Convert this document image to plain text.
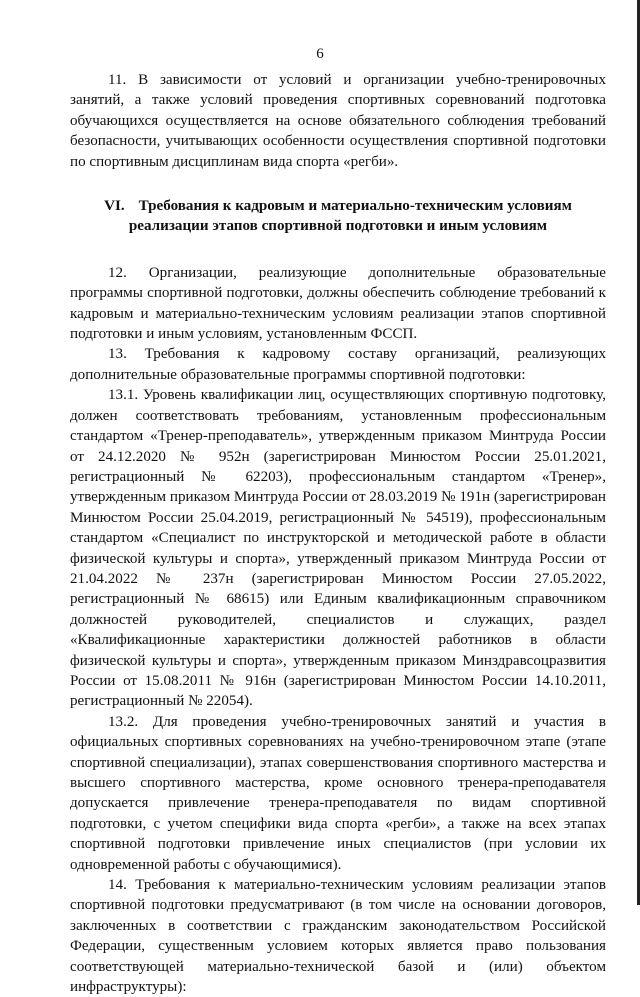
6

11. В зависимости от условий и организации учебно-тренировочных занятий, а также условий проведения спортивных соревнований подготовка обучающихся осуществляется на основе обязательного соблюдения требований безопасности, учитывающих особенности осуществления спортивной подготовки по спортивным дисциплинам вида спорта «регби».

VI. Требования к кадровым и материально-техническим условиям реализации этапов спортивной подготовки и иным условиям

12. Организации, реализующие дополнительные образовательные программы спортивной подготовки, должны обеспечить соблюдение требований к кадровым и материально-техническим условиям реализации этапов спортивной подготовки и иным условиям, установленным ФССП.

13. Требования к кадровому составу организаций, реализующих дополнительные образовательные программы спортивной подготовки:

13.1. Уровень квалификации лиц, осуществляющих спортивную подготовку, должен соответствовать требованиям, установленным профессиональным стандартом «Тренер-преподаватель», утвержденным приказом Минтруда России от 24.12.2020 № 952н (зарегистрирован Минюстом России 25.01.2021, регистрационный № 62203), профессиональным стандартом «Тренер», утвержденным приказом Минтруда России от 28.03.2019 № 191н (зарегистрирован Минюстом России 25.04.2019, регистрационный № 54519), профессиональным стандартом «Специалист по инструкторской и методической работе в области физической культуры и спорта», утвержденный приказом Минтруда России от 21.04.2022 № 237н (зарегистрирован Минюстом России 27.05.2022, регистрационный № 68615) или Единым квалификационным справочником должностей руководителей, специалистов и служащих, раздел «Квалификационные характеристики должностей работников в области физической культуры и спорта», утвержденным приказом Минздравсоцразвития России от 15.08.2011 № 916н (зарегистрирован Минюстом России 14.10.2011, регистрационный № 22054).

13.2. Для проведения учебно-тренировочных занятий и участия в официальных спортивных соревнованиях на учебно-тренировочном этапе (этапе спортивной специализации), этапах совершенствования спортивного мастерства и высшего спортивного мастерства, кроме основного тренера-преподавателя допускается привлечение тренера-преподавателя по видам спортивной подготовки, с учетом специфики вида спорта «регби», а также на всех этапах спортивной подготовки привлечение иных специалистов (при условии их одновременной работы с обучающимися).

14. Требования к материально-техническим условиям реализации этапов спортивной подготовки предусматривают (в том числе на основании договоров, заключенных в соответствии с гражданским законодательством Российской Федерации, существенным условием которых является право пользования соответствующей материально-технической базой и (или) объектом инфраструктуры):
